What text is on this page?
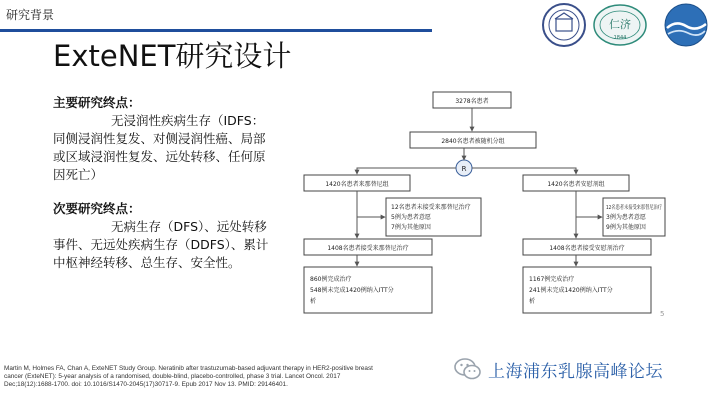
研究背景
仁济
1844
ExteNET研究设计

主要研究终点：

无浸润性疾病生存（IDFS：同侧浸润性复发、对侧浸润性癌、局部或区域浸润性复发、远处转移、任何原因死亡）

次要研究终点：

无病生存（DFS）、远处转移事件、无远处疾病生存（DDFS）、累计中枢神经转移、总生存、安全性。

R
3278名患者
2840名患者被随机分组
1420名患者来那替尼组	1420名患者安慰剂组
12名患者未接受来那替尼治疗
5例为患者意愿
7例为其他原因
12名患者未接受来那替尼治疗
3例为患者意愿
9例为其他原因
1408名患者接受来那替尼治疗	1408名患者接受安慰剂治疗
860例完成治疗
548例未完成1420例纳入ITT分
析
1167例完成治疗
241例未完成1420例纳入ITT分
析
5
Martin M, Holmes FA, Chan A, ExteNET Study Group. Neratinib after trastuzumab-based adjuvant therapy in HER2-positive breast cancer (ExteNET): 5-year analysis of a randomised, double-blind, placebo-controlled, phase 3 trial. Lancet Oncol. 2017 Dec;18(12):1688-1700. doi: 10.1016/S1470-2045(17)30717-9. Epub 2017 Nov 13. PMID: 29146401.
上海浦东乳腺高峰论坛
